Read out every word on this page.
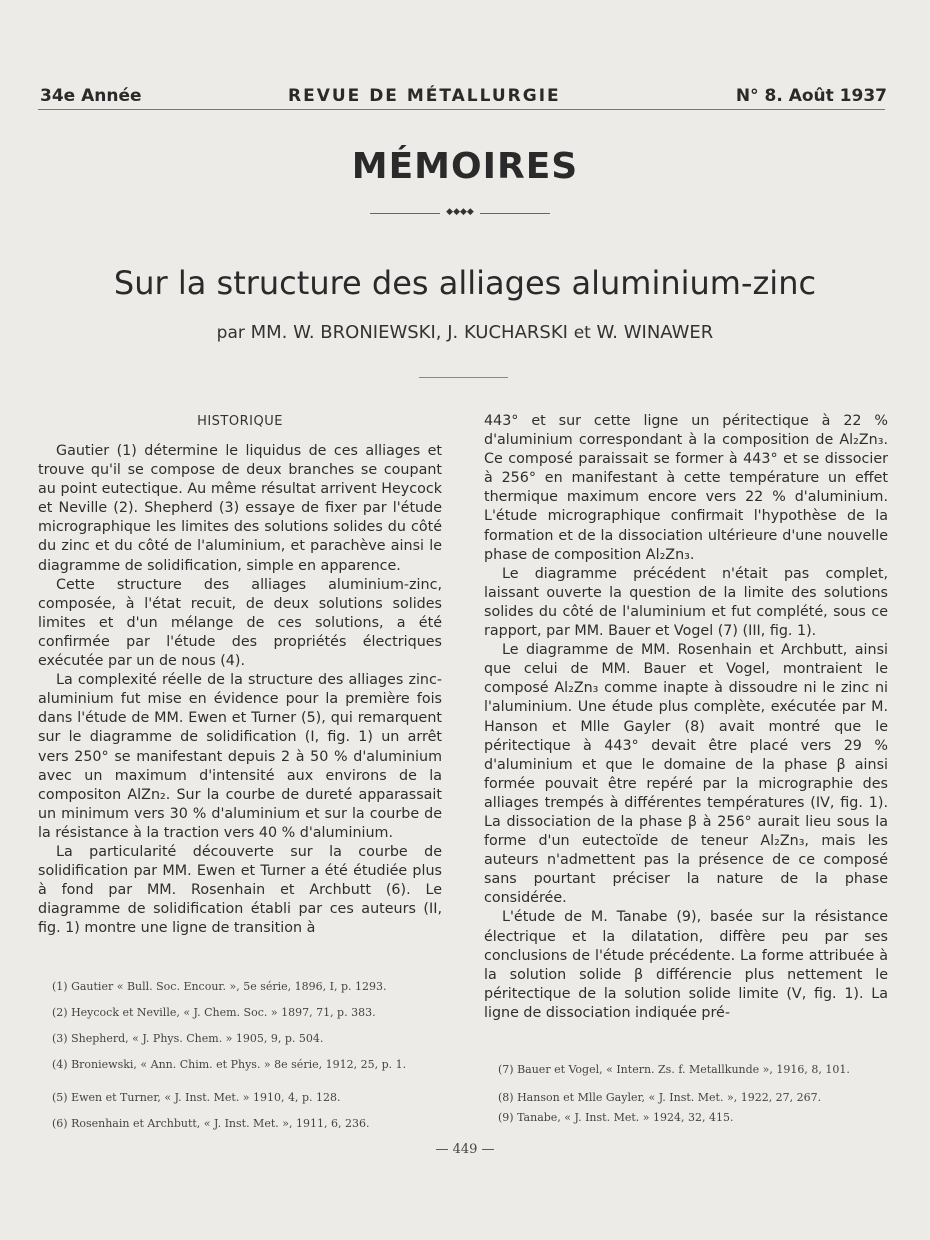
34e Année	REVUE DE MÉTALLURGIE	N° 8. Août 1937
MÉMOIRES
◆◆◆◆
Sur la structure des alliages aluminium-zinc
par MM. W. BRONIEWSKI, J. KUCHARSKI et W. WINAWER
HISTORIQUE

Gautier (1) détermine le liquidus de ces alliages et trouve qu'il se compose de deux branches se coupant au point eutectique. Au même résultat arrivent Heycock et Neville (2). Shepherd (3) essaye de fixer par l'étude micrographique les limites des solutions solides du côté du zinc et du côté de l'aluminium, et parachève ainsi le diagramme de solidification, simple en apparence.

Cette structure des alliages aluminium-zinc, composée, à l'état recuit, de deux solutions solides limites et d'un mélange de ces solutions, a été confirmée par l'étude des propriétés électriques exécutée par un de nous (4).

La complexité réelle de la structure des alliages zinc-aluminium fut mise en évidence pour la première fois dans l'étude de MM. Ewen et Turner (5), qui remarquent sur le diagramme de solidification (I, fig. 1) un arrêt vers 250° se manifestant depuis 2 à 50 % d'aluminium avec un maximum d'intensité aux environs de la compositon AlZn₂. Sur la courbe de dureté apparassait un minimum vers 30 % d'aluminium et sur la courbe de la résistance à la traction vers 40 % d'aluminium.

La particularité découverte sur la courbe de solidification par MM. Ewen et Turner a été étudiée plus à fond par MM. Rosenhain et Archbutt (6). Le diagramme de solidification établi par ces auteurs (II, fig. 1) montre une ligne de transition à

443° et sur cette ligne un péritectique à 22 % d'aluminium correspondant à la composition de Al₂Zn₃. Ce composé paraissait se former à 443° et se dissocier à 256° en manifestant à cette température un effet thermique maximum encore vers 22 % d'aluminium. L'étude micrographique confirmait l'hypothèse de la formation et de la dissociation ultérieure d'une nouvelle phase de composition Al₂Zn₃.

Le diagramme précédent n'était pas complet, laissant ouverte la question de la limite des solutions solides du côté de l'aluminium et fut complété, sous ce rapport, par MM. Bauer et Vogel (7) (III, fig. 1).

Le diagramme de MM. Rosenhain et Archbutt, ainsi que celui de MM. Bauer et Vogel, montraient le composé Al₂Zn₃ comme inapte à dissoudre ni le zinc ni l'aluminium. Une étude plus complète, exécutée par M. Hanson et Mlle Gayler (8) avait montré que le péritectique à 443° devait être placé vers 29 % d'aluminium et que le domaine de la phase β ainsi formée pouvait être repéré par la micrographie des alliages trempés à différentes températures (IV, fig. 1). La dissociation de la phase β à 256° aurait lieu sous la forme d'un eutectoïde de teneur Al₂Zn₃, mais les auteurs n'admettent pas la présence de ce composé sans pourtant préciser la nature de la phase considérée.

L'étude de M. Tanabe (9), basée sur la résistance électrique et la dilatation, diffère peu par ses conclusions de l'étude précédente. La forme attribuée à la solution solide β différencie plus nettement le péritectique de la solution solide limite (V, fig. 1). La ligne de dissociation indiquée pré-

(1) Gautier « Bull. Soc. Encour. », 5e série, 1896, I, p. 1293.
(2) Heycock et Neville, « J. Chem. Soc. » 1897, 71, p. 383.
(3) Shepherd, « J. Phys. Chem. » 1905, 9, p. 504.
(4) Broniewski, « Ann. Chim. et Phys. » 8e série, 1912, 25, p. 1.
(5) Ewen et Turner, « J. Inst. Met. » 1910, 4, p. 128.
(6) Rosenhain et Archbutt, « J. Inst. Met. », 1911, 6, 236.
(7) Bauer et Vogel, « Intern. Zs. f. Metallkunde », 1916, 8, 101.
(8) Hanson et Mlle Gayler, « J. Inst. Met. », 1922, 27, 267.
(9) Tanabe, « J. Inst. Met. » 1924, 32, 415.
— 449 —
